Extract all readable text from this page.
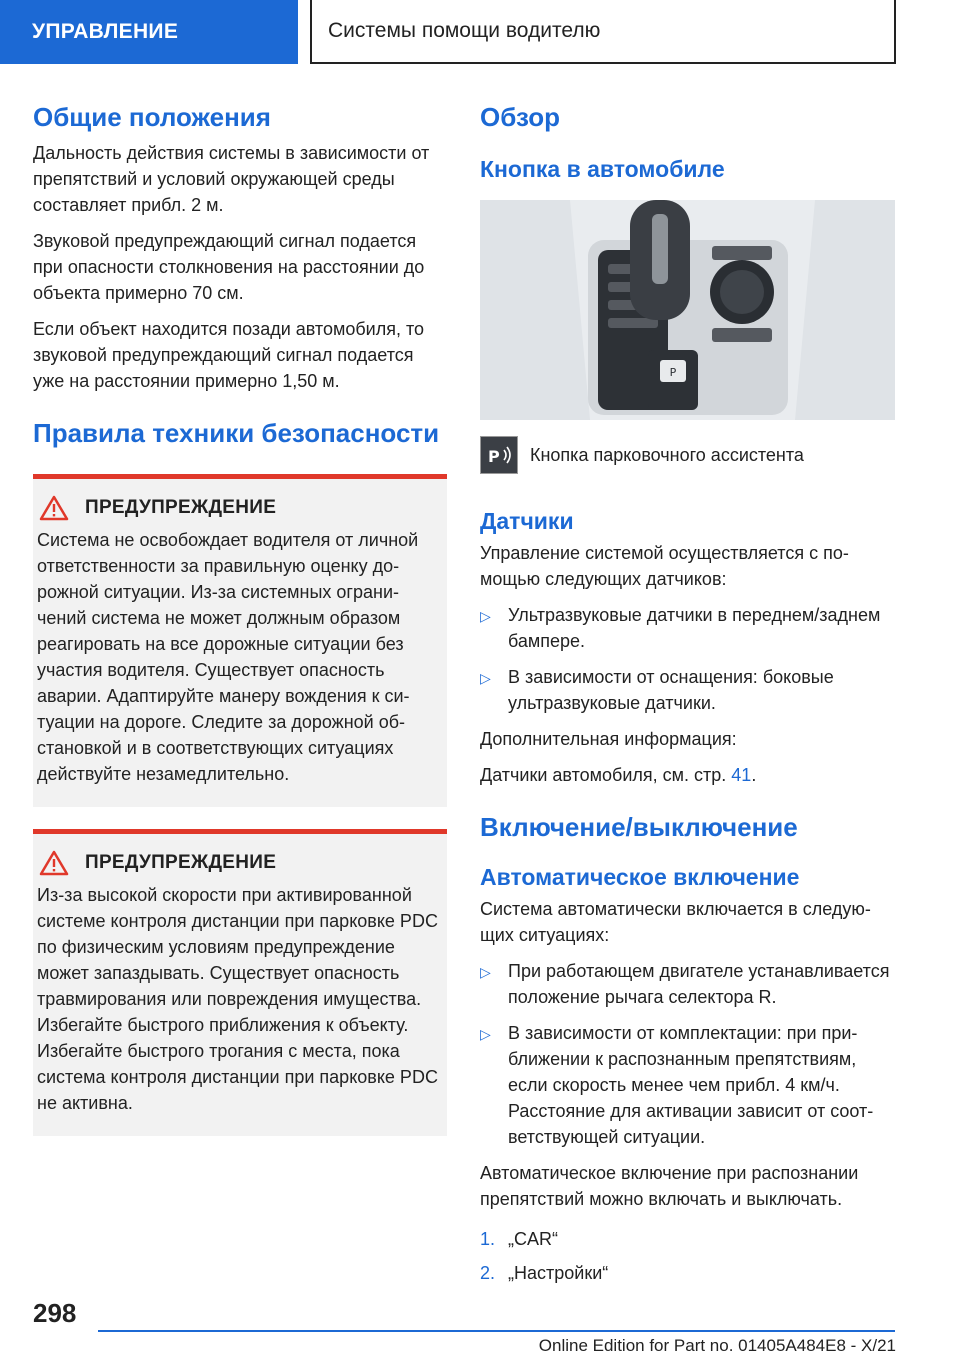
УПРАВЛЕНИЕ	Системы помощи водителю
Общие положения

Дальность действия системы в зависимости от препятствий и условий окружающей среды составляет прибл. 2 м.

Звуковой предупреждающий сигнал подается при опасности столкновения на расстоянии до объекта примерно 70 см.

Если объект находится позади автомобиля, то звуковой предупреждающий сигнал подается уже на расстоянии примерно 1,50 м.

Правила техники безопасности
ПРЕДУПРЕЖДЕНИЕ

Система не освобождает водителя от личной ответственности за правильную оценку дорожной ситуации. Из-за системных ограничений система не может должным образом реагировать на все дорожные ситуации без участия водителя. Существует опасность аварии. Адаптируйте манеру вождения к ситуации на дороге. Следите за дорожной обстановкой и в соответствующих ситуациях действуйте незамедлительно.

ПРЕДУПРЕЖДЕНИЕ

Из-за высокой скорости при активированной системе контроля дистанции при парковке PDC по физическим условиям предупреждение может запаздывать. Существует опасность травмирования или повреждения имущества. Избегайте быстрого приближения к объекту. Избегайте быстрого трогания с места, пока система контроля дистанции при парковке PDC не активна.

Обзор
Кнопка в автомобиле
P
P Кнопка парковочного ассистента

Датчики

Управление системой осуществляется с помощью следующих датчиков:

▷ Ультразвуковые датчики в переднем/заднем бампере.
▷ В зависимости от оснащения: боковые ультразвуковые датчики.

Дополнительная информация:

Датчики автомобиля, см. стр. 41.

Включение/выключение
Автоматическое включение

Система автоматически включается в следующих ситуациях:

▷ При работающем двигателе устанавливается положение рычага селектора R.
▷ В зависимости от комплектации: при приближении к распознанным препятствиям, если скорость менее чем прибл. 4 км/ч. Расстояние для активации зависит от соответствующей ситуации.

Автоматическое включение при распознании препятствий можно включать и выключать.

1. „CAR“
2. „Настройки“
298
Online Edition for Part no. 01405A484E8 - X/21
